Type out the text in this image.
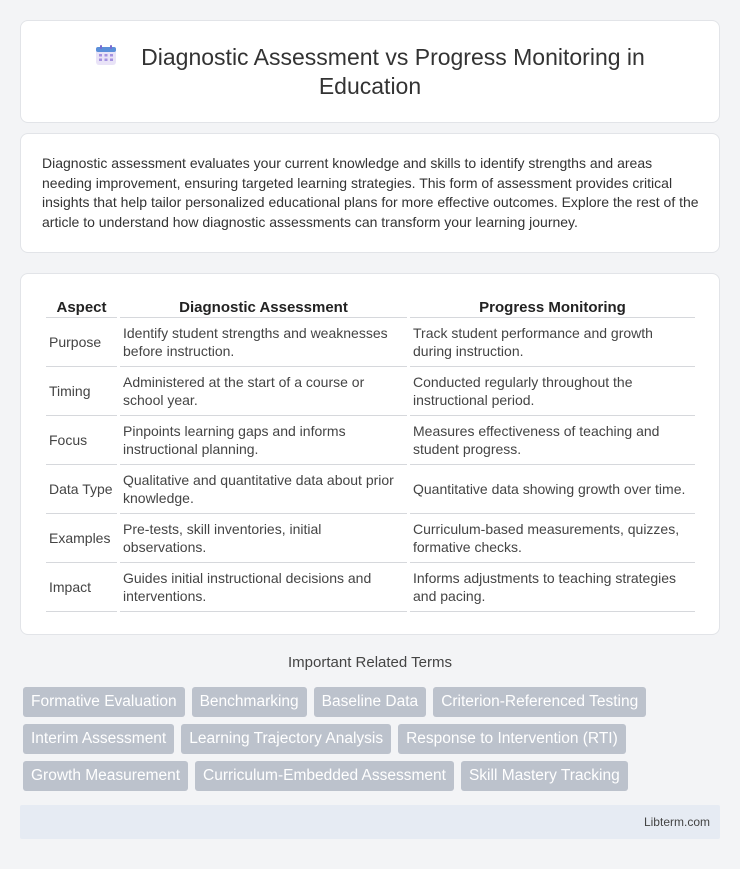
Diagnostic Assessment vs Progress Monitoring in
Education

Diagnostic assessment evaluates your current knowledge and skills to identify strengths and areas needing improvement, ensuring targeted learning strategies. This form of assessment provides critical insights that help tailor personalized educational plans for more effective outcomes. Explore the rest of the article to understand how diagnostic assessments can transform your learning journey.

Aspect	Diagnostic Assessment	Progress Monitoring
Purpose	Identify student strengths and weaknesses before instruction.	Track student performance and growth during instruction.
Timing	Administered at the start of a course or school year.	Conducted regularly throughout the instructional period.
Focus	Pinpoints learning gaps and informs instructional planning.	Measures effectiveness of teaching and student progress.
Data Type	Qualitative and quantitative data about prior knowledge.	Quantitative data showing growth over time.
Examples	Pre-tests, skill inventories, initial observations.	Curriculum-based measurements, quizzes, formative checks.
Impact	Guides initial instructional decisions and interventions.	Informs adjustments to teaching strategies and pacing.
Important Related Terms
Formative Evaluation	Benchmarking	Baseline Data	Criterion-Referenced Testing
Interim Assessment	Learning Trajectory Analysis	Response to Intervention (RTI)
Growth Measurement	Curriculum-Embedded Assessment	Skill Mastery Tracking
Libterm.com
